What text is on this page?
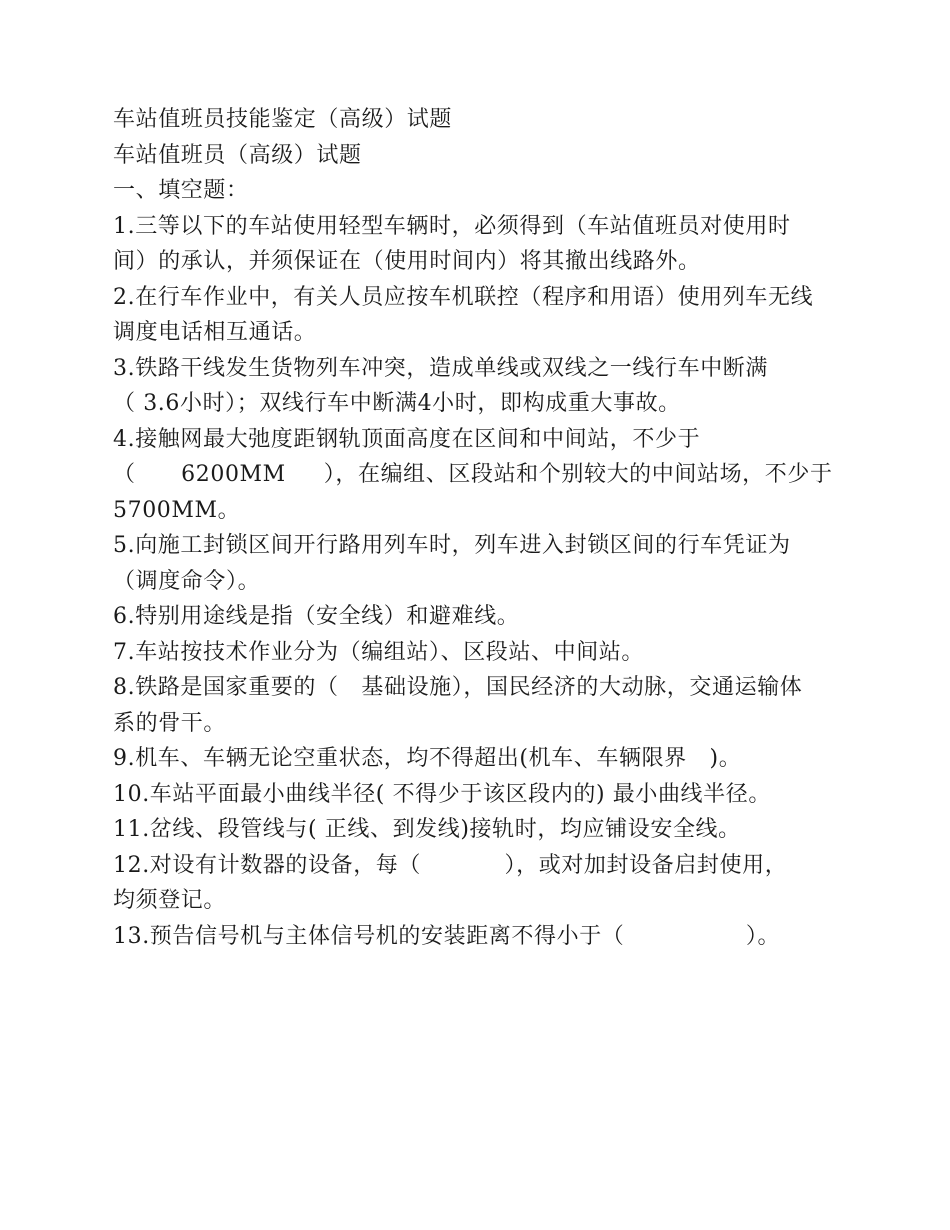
车站值班员技能鉴定（高级）试题
车站值班员（高级）试题
一、填空题：
1.三等以下的车站使用轻型车辆时，必须得到（车站值班员对使用时
间）的承认，并须保证在（使用时间内）将其撤出线路外。
2.在行车作业中，有关人员应按车机联控（程序和用语）使用列车无线
调度电话相互通话。
3.铁路干线发生货物列车冲突，造成单线或双线之一线行车中断满
（ 3.6小时）；双线行车中断满4小时，即构成重大事故。
4.接触网最大弛度距钢轨顶面高度在区间和中间站，不少于
（      6200MM     ），在编组、区段站和个别较大的中间站场，不少于
5700MM。
5.向施工封锁区间开行路用列车时，列车进入封锁区间的行车凭证为
（调度命令）。
6.特别用途线是指（安全线）和避难线。
7.车站按技术作业分为（编组站）、区段站、中间站。
8.铁路是国家重要的（   基础设施），国民经济的大动脉，交通运输体
系的骨干。
9.机车、车辆无论空重状态，均不得超出(机车、车辆限界   )。
10.车站平面最小曲线半径( 不得少于该区段内的) 最小曲线半径。
11.岔线、段管线与( 正线、到发线)接轨时，均应铺设安全线。
12.对设有计数器的设备，每（           ），或对加封设备启封使用，
均须登记。
13.预告信号机与主体信号机的安装距离不得小于（                ）。
